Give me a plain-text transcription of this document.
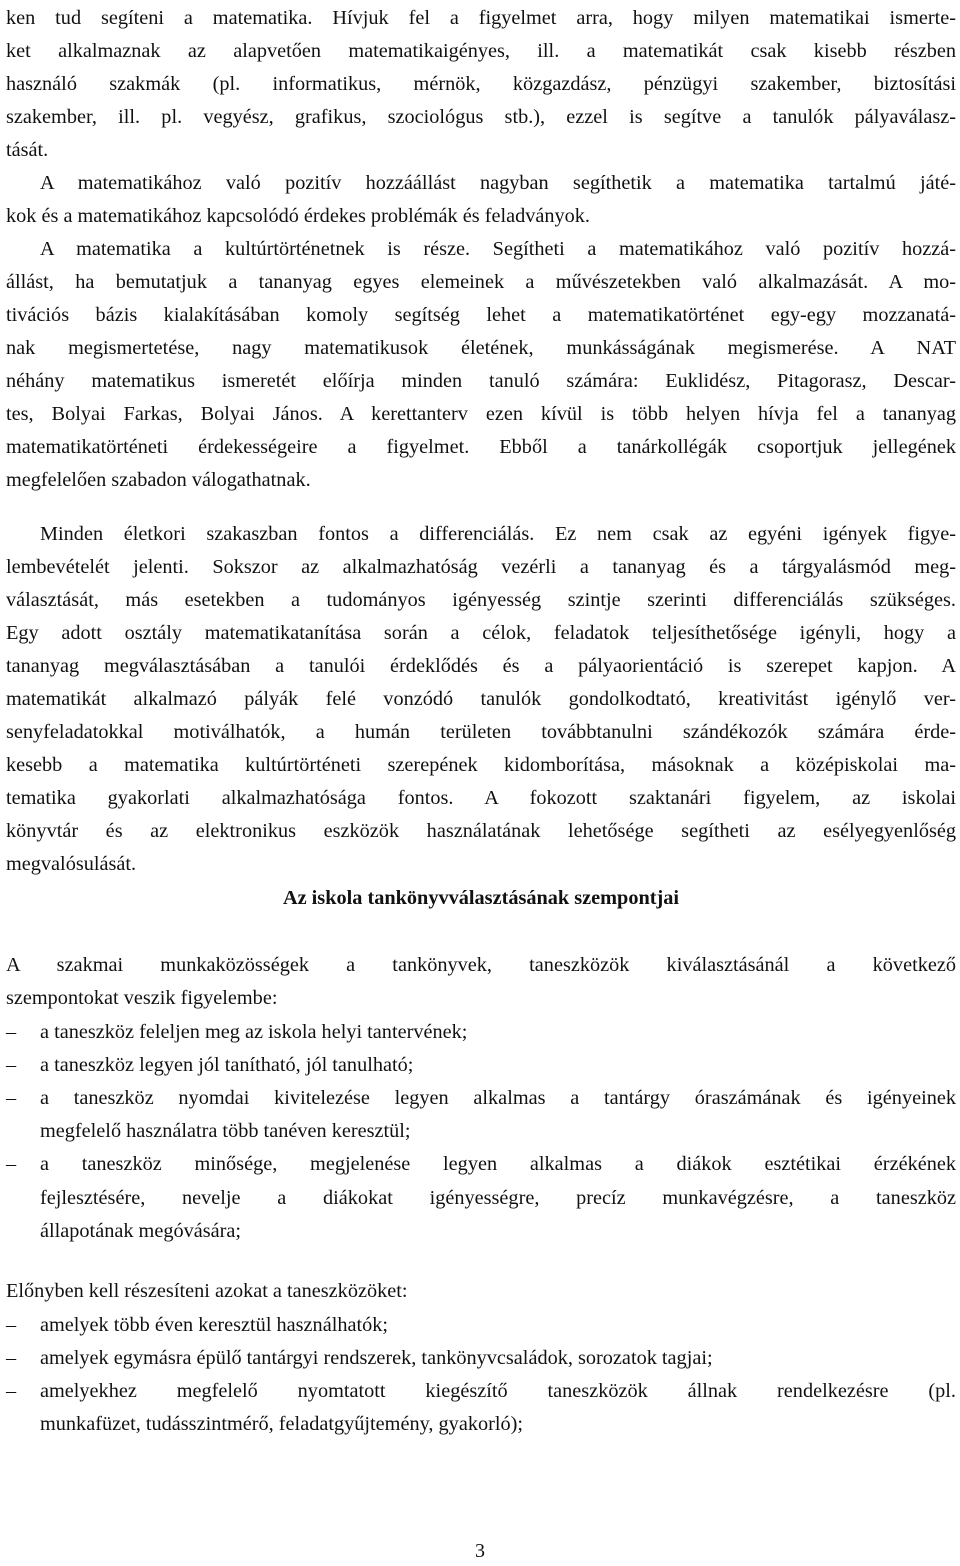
ken tud segíteni a matematika. Hívjuk fel a figyelmet arra, hogy milyen matematikai ismerte-
ket alkalmaznak az alapvetően matematikaigényes, ill. a matematikát csak kisebb részben
használó szakmák (pl. informatikus, mérnök, közgazdász, pénzügyi szakember, biztosítási
szakember, ill. pl. vegyész, grafikus, szociológus stb.), ezzel is segítve a tanulók pályaválasz-
tását.
A matematikához való pozitív hozzáállást nagyban segíthetik a matematika tartalmú játé-
kok és a matematikához kapcsolódó érdekes problémák és feladványok.
A matematika a kultúrtörténetnek is része. Segítheti a matematikához való pozitív hozzá-
állást, ha bemutatjuk a tananyag egyes elemeinek a művészetekben való alkalmazását. A mo-
tivációs bázis kialakításában komoly segítség lehet a matematikatörténet egy-egy mozzanatá-
nak megismertetése, nagy matematikusok életének, munkásságának megismerése. A NAT
néhány matematikus ismeretét előírja minden tanuló számára: Euklidész, Pitagorasz, Descar-
tes, Bolyai Farkas, Bolyai János. A kerettanterv ezen kívül is több helyen hívja fel a tananyag
matematikatörténeti érdekességeire a figyelmet. Ebből a tanárkollégák csoportjuk jellegének
megfelelően szabadon válogathatnak.
Minden életkori szakaszban fontos a differenciálás. Ez nem csak az egyéni igények figye-
lembevételét jelenti. Sokszor az alkalmazhatóság vezérli a tananyag és a tárgyalásmód meg-
választását, más esetekben a tudományos igényesség szintje szerinti differenciálás szükséges.
Egy adott osztály matematikatanítása során a célok, feladatok teljesíthetősége igényli, hogy a
tananyag megválasztásában a tanulói érdeklődés és a pályaorientáció is szerepet kapjon. A
matematikát alkalmazó pályák felé vonzódó tanulók gondolkodtató, kreativitást igénylő ver-
senyfeladatokkal motiválhatók, a humán területen továbbtanulni szándékozók számára érde-
kesebb a matematika kultúrtörténeti szerepének kidomborítása, másoknak a középiskolai ma-
tematika gyakorlati alkalmazhatósága fontos. A fokozott szaktanári figyelem, az iskolai
könyvtár és az elektronikus eszközök használatának lehetősége segítheti az esélyegyenlőség
megvalósulását.
Az iskola tankönyvválasztásának szempontjai
A szakmai munkaközösségek a tankönyvek, taneszközök kiválasztásánál a következő
szempontokat veszik figyelembe:
–	a taneszköz feleljen meg az iskola helyi tantervének;
–	a taneszköz legyen jól tanítható, jól tanulható;
–	a taneszköz nyomdai kivitelezése legyen alkalmas a tantárgy óraszámának és igényeinek
megfelelő használatra több tanéven keresztül;
–	a taneszköz minősége, megjelenése legyen alkalmas a diákok esztétikai érzékének
fejlesztésére, nevelje a diákokat igényességre, precíz munkavégzésre, a taneszköz
állapotának megóvására;
Előnyben kell részesíteni azokat a taneszközöket:
–	amelyek több éven keresztül használhatók;
–	amelyek egymásra épülő tantárgyi rendszerek, tankönyvcsaládok, sorozatok tagjai;
–	amelyekhez megfelelő nyomtatott kiegészítő taneszközök állnak rendelkezésre (pl.
munkafüzet, tudásszintmérő, feladatgyűjtemény, gyakorló);
3
